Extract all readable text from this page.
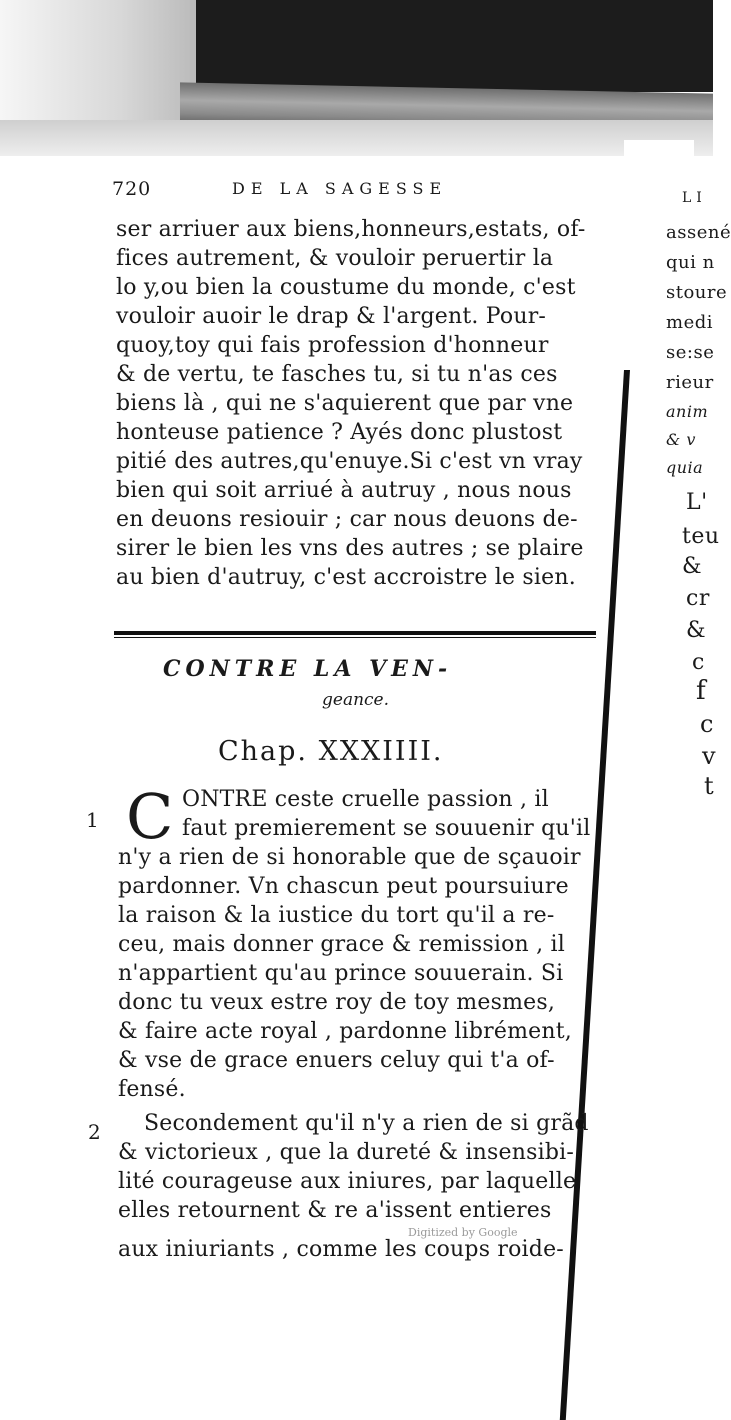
LI
assené
qui n
stoure
medi
se:se
rieur
anim
& v
quia
L'
teu
&
cr
&
c
f
c
v
t
720	DE LA SAGESSE
ser arriuer aux biens,honneurs,estats, of-
fices autrement, & vouloir peruertir la
lo y,ou bien la coustume du monde, c'est
vouloir auoir le drap & l'argent. Pour-
quoy,toy qui fais profession d'honneur
& de vertu, te fasches tu, si tu n'as ces
biens là , qui ne s'aquierent que par vne
honteuse patience ? Ayés donc plustost
pitié des autres,qu'enuye.Si c'est vn vray
bien qui soit arriué à autruy , nous nous
en deuons resiouir ; car nous deuons de-
sirer le bien les vns des autres ; se plaire
au bien d'autruy, c'est accroistre le sien.
CONTRE LA VEN-
geance.
Chap. XXXIIII.
1
2
C ONTRE ceste cruelle passion , il
faut premierement se souuenir qu'il
n'y a rien de si honorable que de sçauoir
pardonner. Vn chascun peut poursuiure
la raison & la iustice du tort qu'il a re-
ceu, mais donner grace & remission , il
n'appartient qu'au prince souuerain. Si
donc tu veux estre roy de toy mesmes,
& faire acte royal , pardonne librément,
& vse de grace enuers celuy qui t'a of-
fensé.
Secondement qu'il n'y a rien de si grãd
& victorieux , que la dureté & insensibi-
lité courageuse aux iniures, par laquelle
elles retournent & re a'issent entieres
aux iniuriants , comme les coups roide-
Digitized by Google
